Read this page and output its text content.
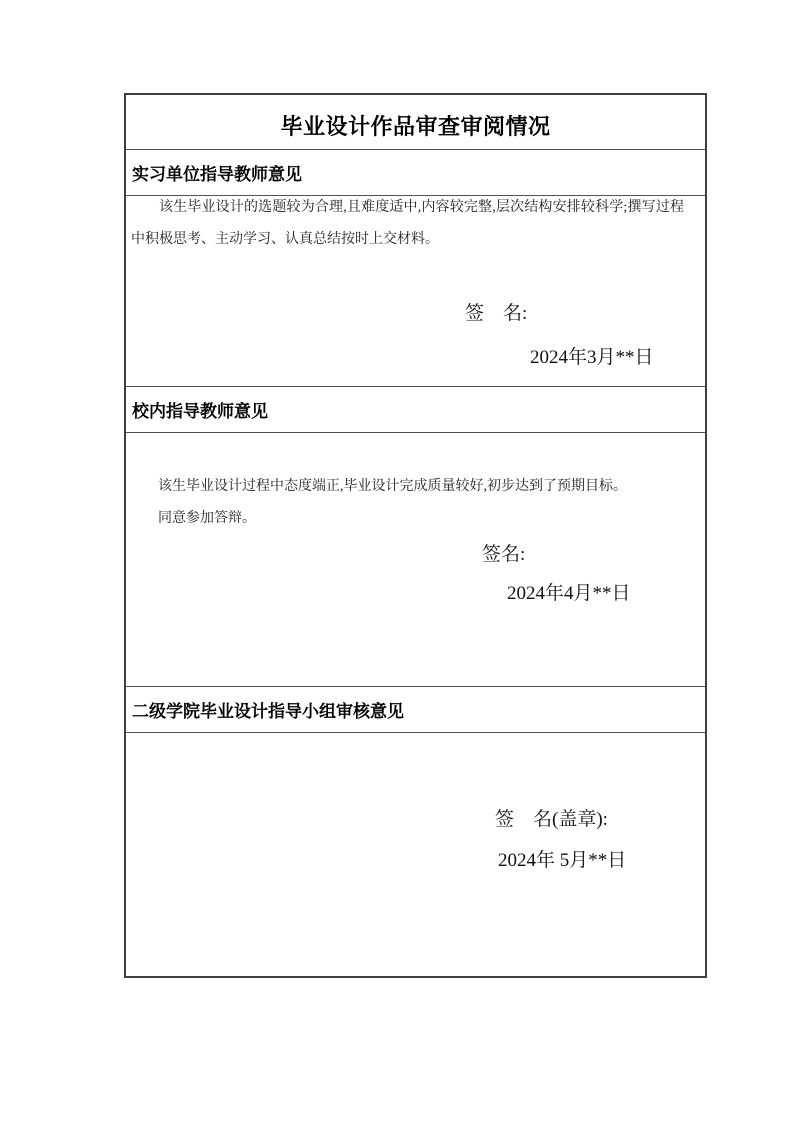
毕业设计作品审查审阅情况
实习单位指导教师意见

该生毕业设计的选题较为合理,且难度适中,内容较完整,层次结构安排较科学;撰写过程中积极思考、主动学习、认真总结按时上交材料。

签　名:
2024年3月**日
校内指导教师意见
该生毕业设计过程中态度端正,毕业设计完成质量较好,初步达到了预期目标。
同意参加答辩。
签名:
2024年4月**日
二级学院毕业设计指导小组审核意见
签　名(盖章):
2024年 5月**日
